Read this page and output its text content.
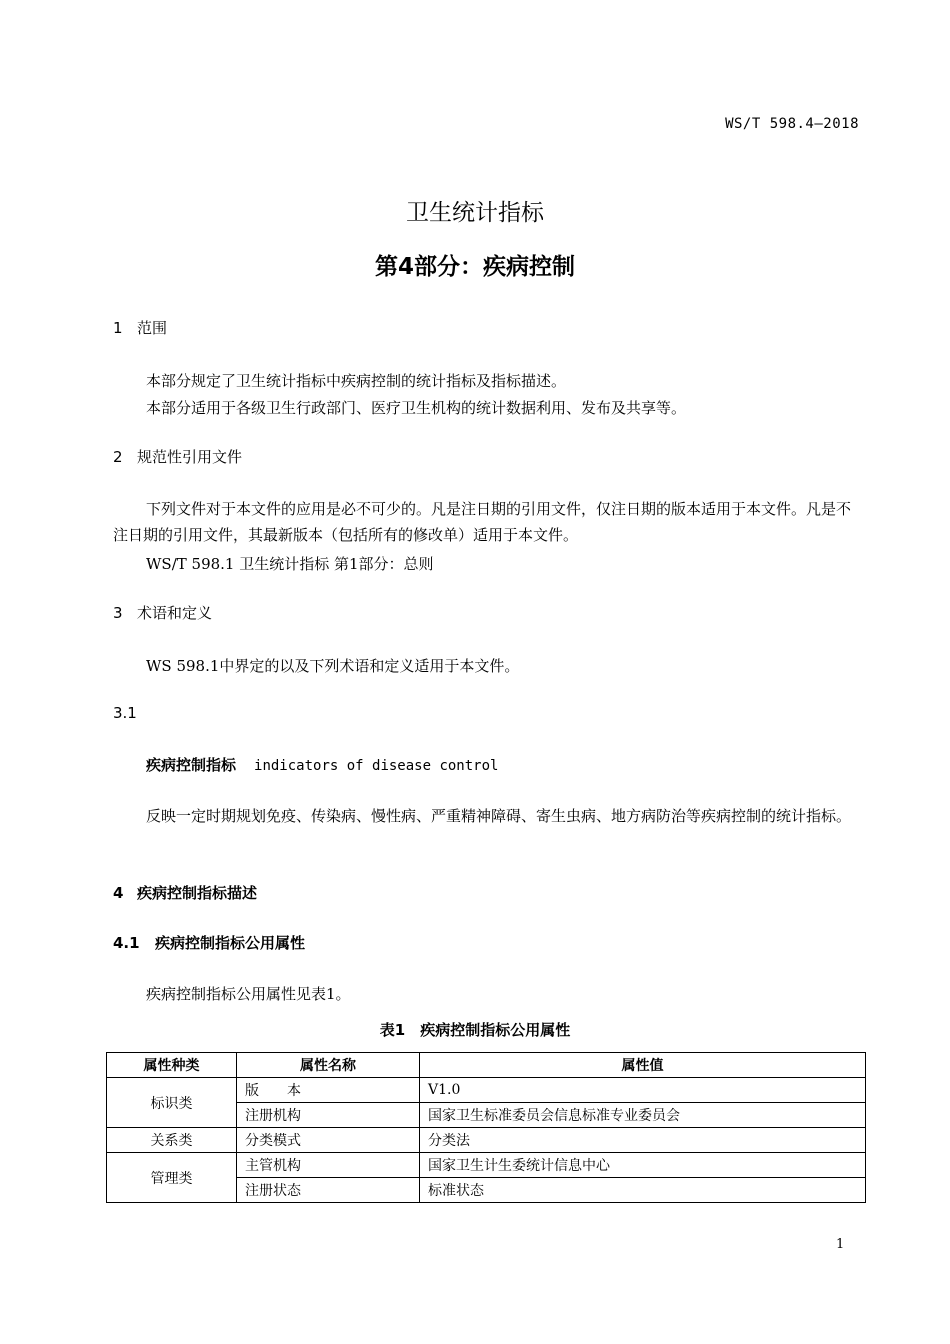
WS/T 598.4—2018
卫生统计指标
第4部分：疾病控制
1 范围
本部分规定了卫生统计指标中疾病控制的统计指标及指标描述。
本部分适用于各级卫生行政部门、医疗卫生机构的统计数据利用、发布及共享等。
2 规范性引用文件
下列文件对于本文件的应用是必不可少的。凡是注日期的引用文件，仅注日期的版本适用于本文件。凡是不注日期的引用文件，其最新版本（包括所有的修改单）适用于本文件。
WS/T 598.1 卫生统计指标 第1部分：总则
3 术语和定义
WS 598.1中界定的以及下列术语和定义适用于本文件。
3.1
疾病控制指标 indicators of disease control
反映一定时期规划免疫、传染病、慢性病、严重精神障碍、寄生虫病、地方病防治等疾病控制的统计指标。
4 疾病控制指标描述
4.1 疾病控制指标公用属性
疾病控制指标公用属性见表1。
表1　疾病控制指标公用属性
属性种类	属性名称	属性值
标识类	版　　本	V1.0
	注册机构	国家卫生标准委员会信息标准专业委员会
关系类	分类模式	分类法
管理类	主管机构	国家卫生计生委统计信息中心
	注册状态	标准状态
1
